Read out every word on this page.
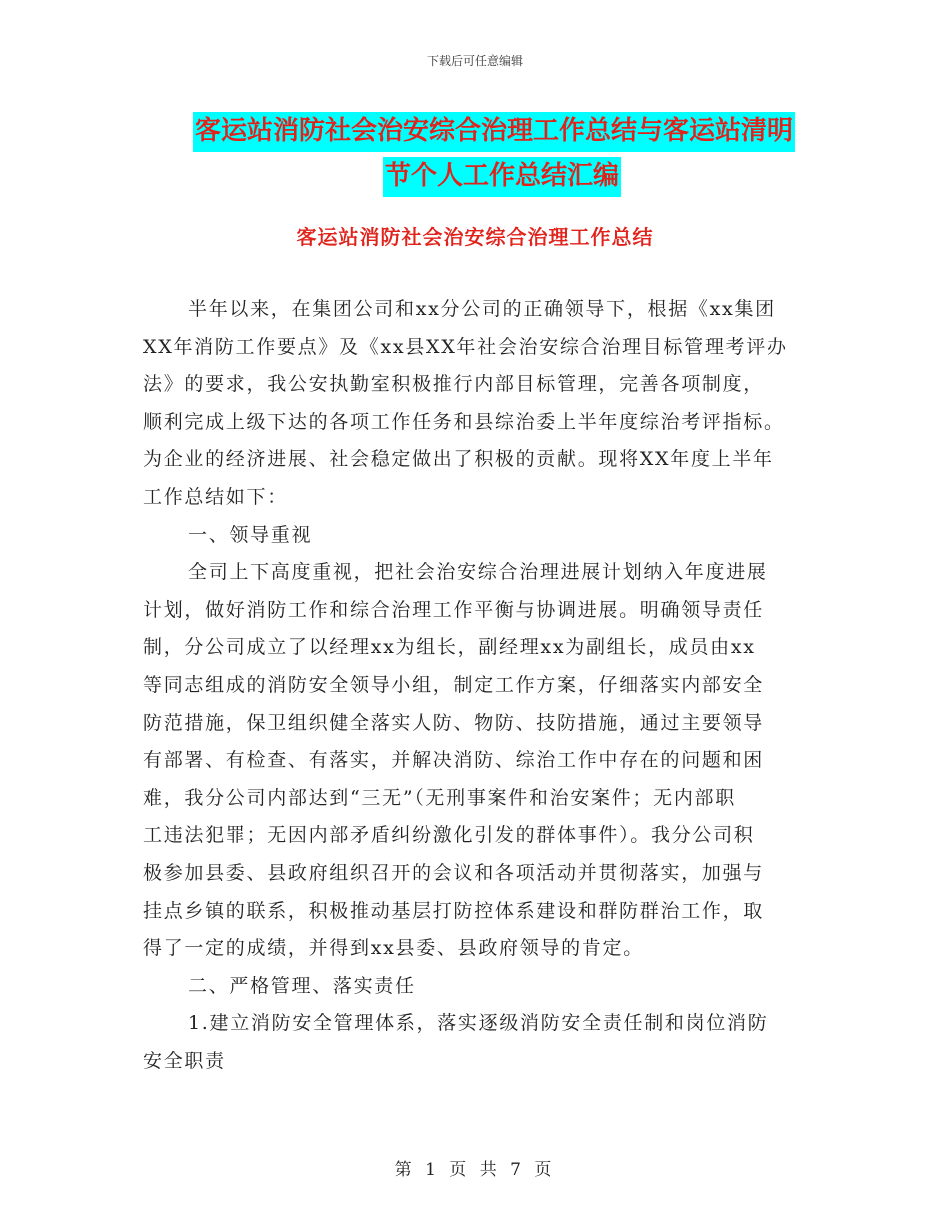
下载后可任意编辑
客运站消防社会治安综合治理工作总结与客运站清明
节个人工作总结汇编
客运站消防社会治安综合治理工作总结
半年以来，在集团公司和xx分公司的正确领导下，根据《xx集团
XX年消防工作要点》及《xx县XX年社会治安综合治理目标管理考评办
法》的要求，我公安执勤室积极推行内部目标管理，完善各项制度，
顺利完成上级下达的各项工作任务和县综治委上半年度综治考评指标。
为企业的经济进展、社会稳定做出了积极的贡献。现将XX年度上半年
工作总结如下：
一、领导重视
全司上下高度重视，把社会治安综合治理进展计划纳入年度进展
计划，做好消防工作和综合治理工作平衡与协调进展。明确领导责任
制，分公司成立了以经理xx为组长，副经理xx为副组长，成员由xx
等同志组成的消防安全领导小组，制定工作方案，仔细落实内部安全
防范措施，保卫组织健全落实人防、物防、技防措施，通过主要领导
有部署、有检查、有落实，并解决消防、综治工作中存在的问题和困
难，我分公司内部达到“三无”（无刑事案件和治安案件；无内部职
工违法犯罪；无因内部矛盾纠纷激化引发的群体事件）。我分公司积
极参加县委、县政府组织召开的会议和各项活动并贯彻落实，加强与
挂点乡镇的联系，积极推动基层打防控体系建设和群防群治工作，取
得了一定的成绩，并得到xx县委、县政府领导的肯定。
二、严格管理、落实责任
1.建立消防安全管理体系，落实逐级消防安全责任制和岗位消防
安全职责
第 1 页 共 7 页
